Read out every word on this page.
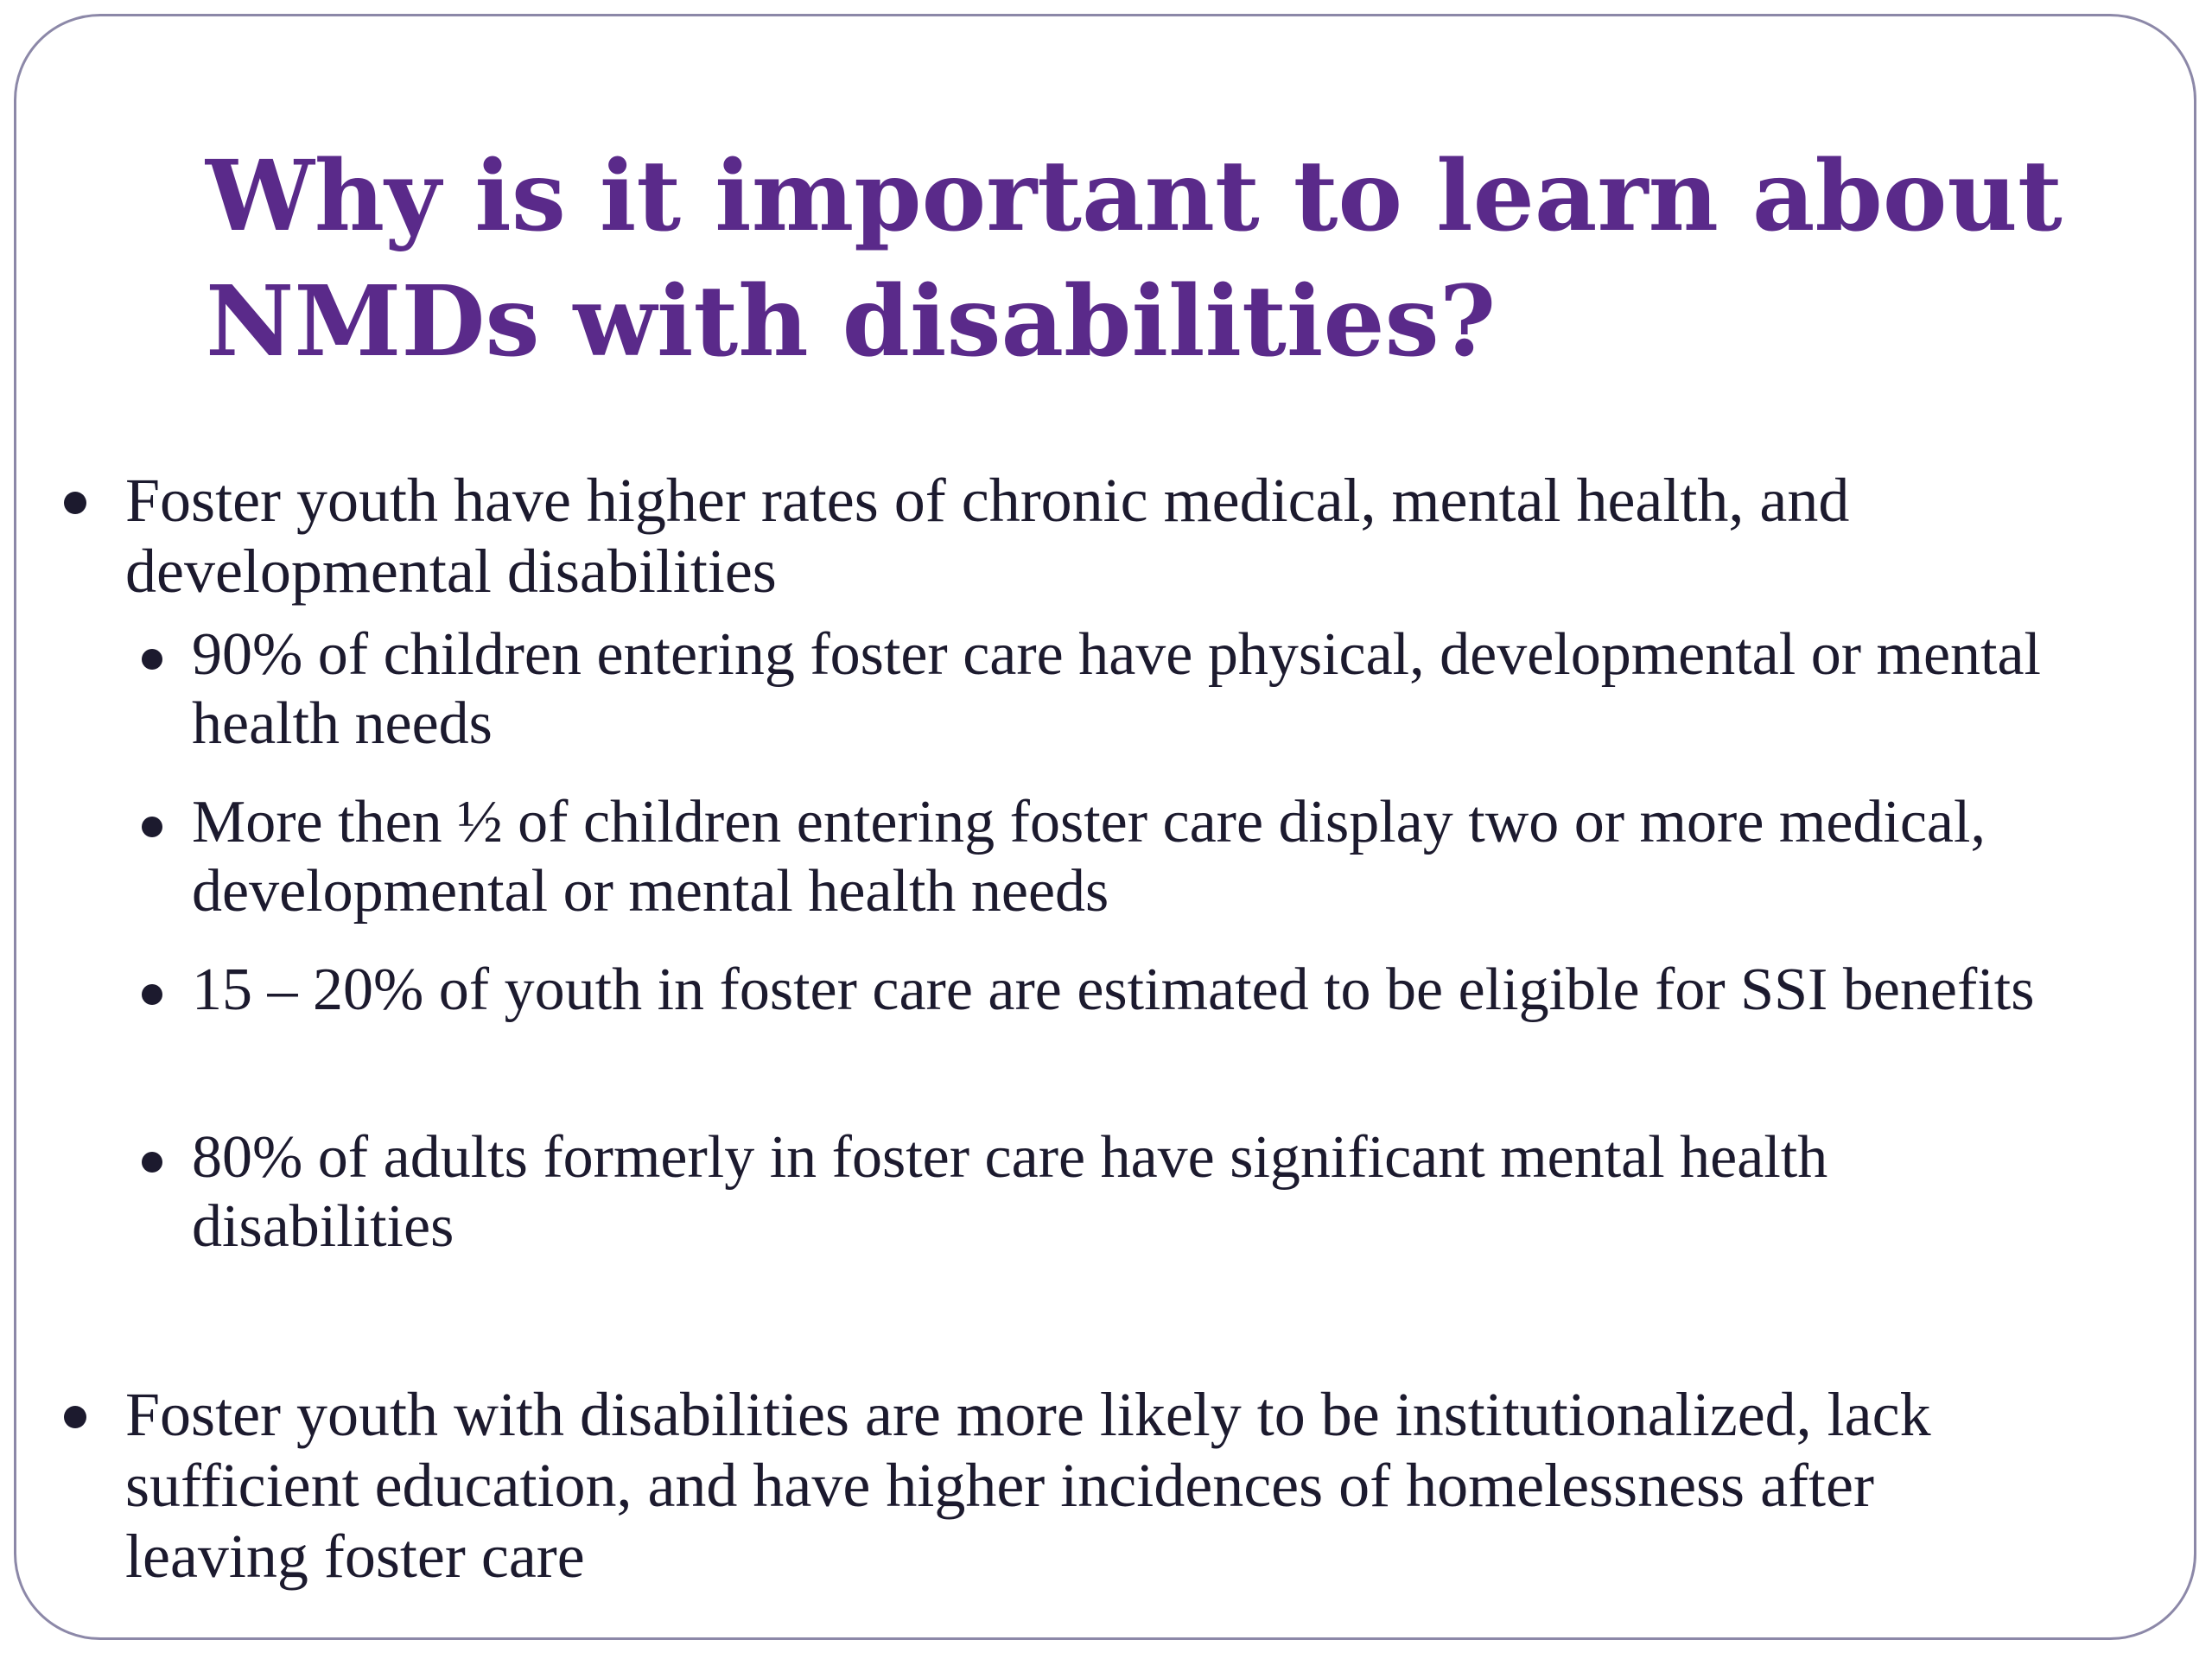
Why is it important to learn about NMDs with disabilities?

Foster youth have higher rates of chronic medical, mental health, and developmental disabilities

90% of children entering foster care have physical, developmental or mental health needs

More then ½ of children entering foster care display two or more medical, developmental or mental health needs

15 – 20% of youth in foster care are estimated to be eligible for SSI benefits

80% of adults formerly in foster care have significant mental health disabilities

Foster youth with disabilities are more likely to be institutionalized, lack sufficient education, and have higher incidences of homelessness after leaving foster care
